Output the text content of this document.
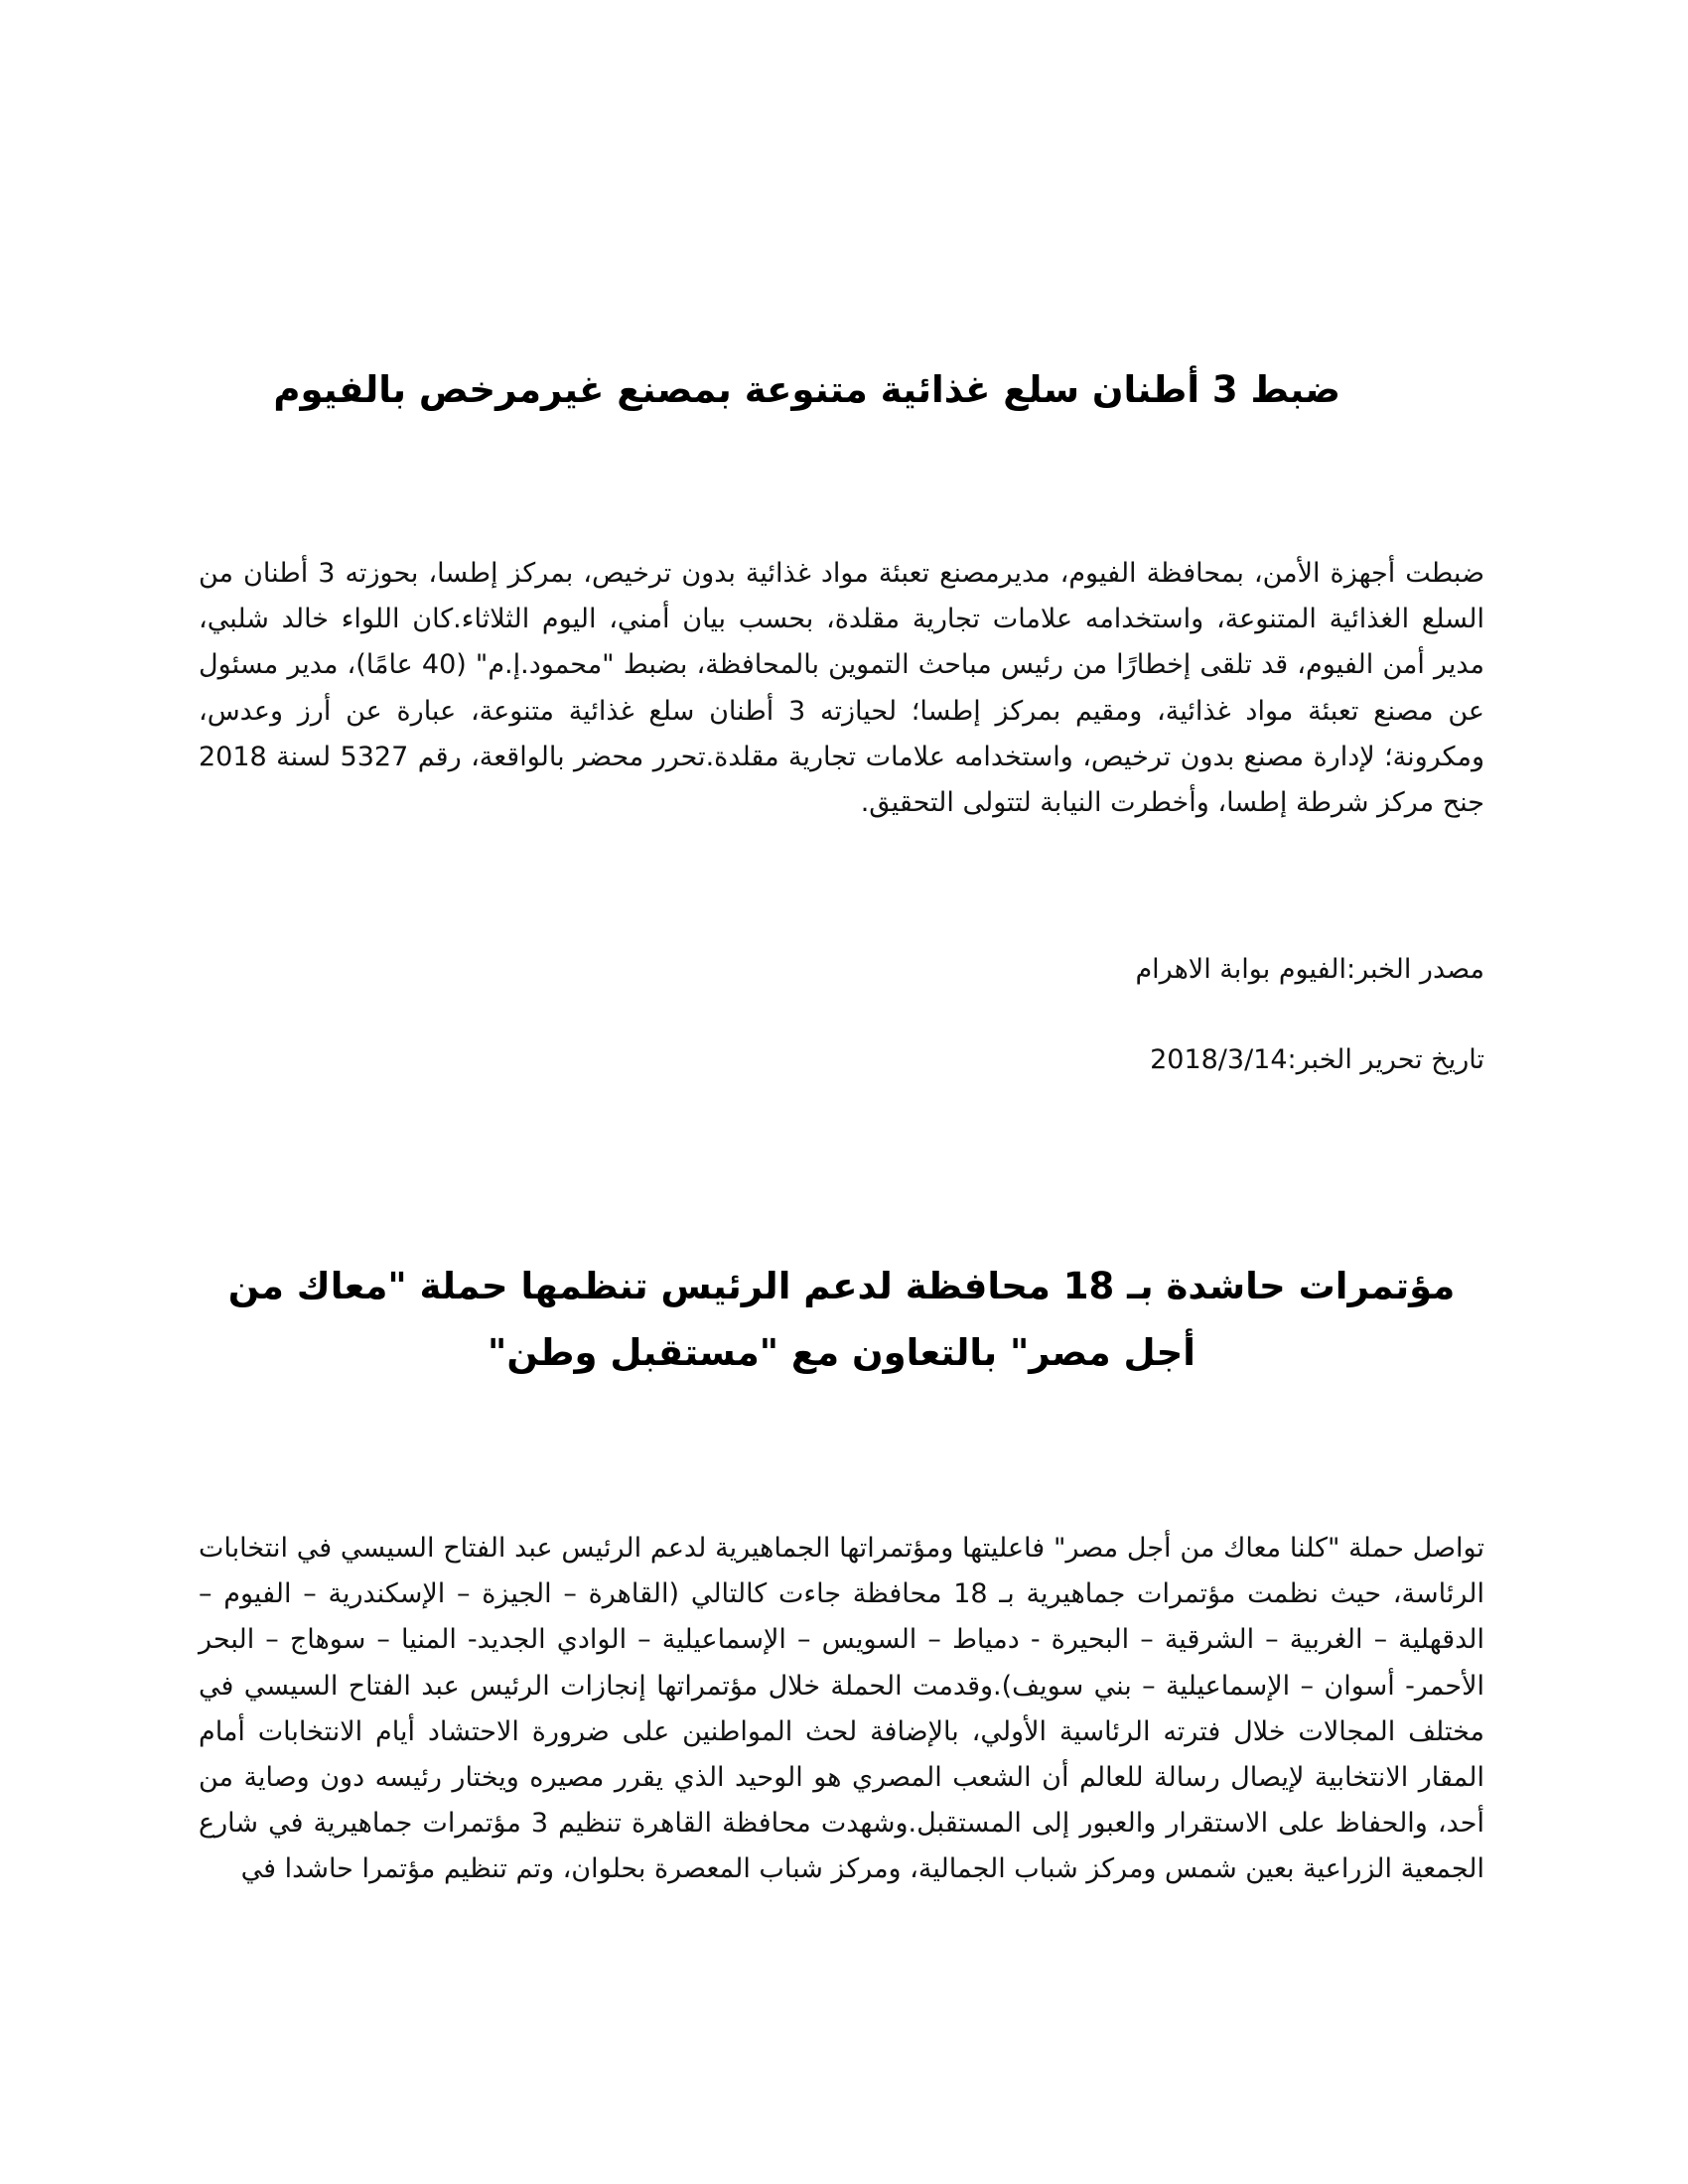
ضبط 3 أطنان سلع غذائية متنوعة بمصنع غيرمرخص بالفيوم

ضبطت أجهزة الأمن، بمحافظة الفيوم، مديرمصنع تعبئة مواد غذائية بدون ترخيص، بمركز إطسا، بحوزته 3 أطنان من السلع الغذائية المتنوعة، واستخدامه علامات تجارية مقلدة، بحسب بيان أمني، اليوم الثلاثاء.كان اللواء خالد شلبي، مدير أمن الفيوم، قد تلقى إخطارًا من رئيس مباحث التموين بالمحافظة، بضبط "محمود.إ.م" (40 عامًا)، مدير مسئول عن مصنع تعبئة مواد غذائية، ومقيم بمركز إطسا؛ لحيازته 3 أطنان سلع غذائية متنوعة، عبارة عن أرز وعدس، ومكرونة؛ لإدارة مصنع بدون ترخيص، واستخدامه علامات تجارية مقلدة.تحرر محضر بالواقعة، رقم 5327 لسنة 2018 جنح مركز شرطة إطسا، وأخطرت النيابة لتتولى التحقيق.

مصدر الخبر:الفيوم بوابة الاهرام

تاريخ تحرير الخبر:2018/3/14

مؤتمرات حاشدة بـ 18 محافظة لدعم الرئيس تنظمها حملة "معاك من أجل مصر" بالتعاون مع "مستقبل وطن"

تواصل حملة "كلنا معاك من أجل مصر" فاعليتها ومؤتمراتها الجماهيرية لدعم الرئيس عبد الفتاح السيسي في انتخابات الرئاسة، حيث نظمت مؤتمرات جماهيرية بـ 18 محافظة جاءت كالتالي (القاهرة – الجيزة – الإسكندرية – الفيوم – الدقهلية – الغربية – الشرقية – البحيرة - دمياط – السويس – الإسماعيلية – الوادي الجديد- المنيا – سوهاج – البحر الأحمر- أسوان – الإسماعيلية – بني سويف).وقدمت الحملة خلال مؤتمراتها إنجازات الرئيس عبد الفتاح السيسي في مختلف المجالات خلال فترته الرئاسية الأولي، بالإضافة لحث المواطنين على ضرورة الاحتشاد أيام الانتخابات أمام المقار الانتخابية لإيصال رسالة للعالم أن الشعب المصري هو الوحيد الذي يقرر مصيره ويختار رئيسه دون وصاية من أحد، والحفاظ على الاستقرار والعبور إلى المستقبل.وشهدت محافظة القاهرة تنظيم 3 مؤتمرات جماهيرية في شارع الجمعية الزراعية بعين شمس ومركز شباب الجمالية، ومركز شباب المعصرة بحلوان، وتم تنظيم مؤتمرا حاشدا في
